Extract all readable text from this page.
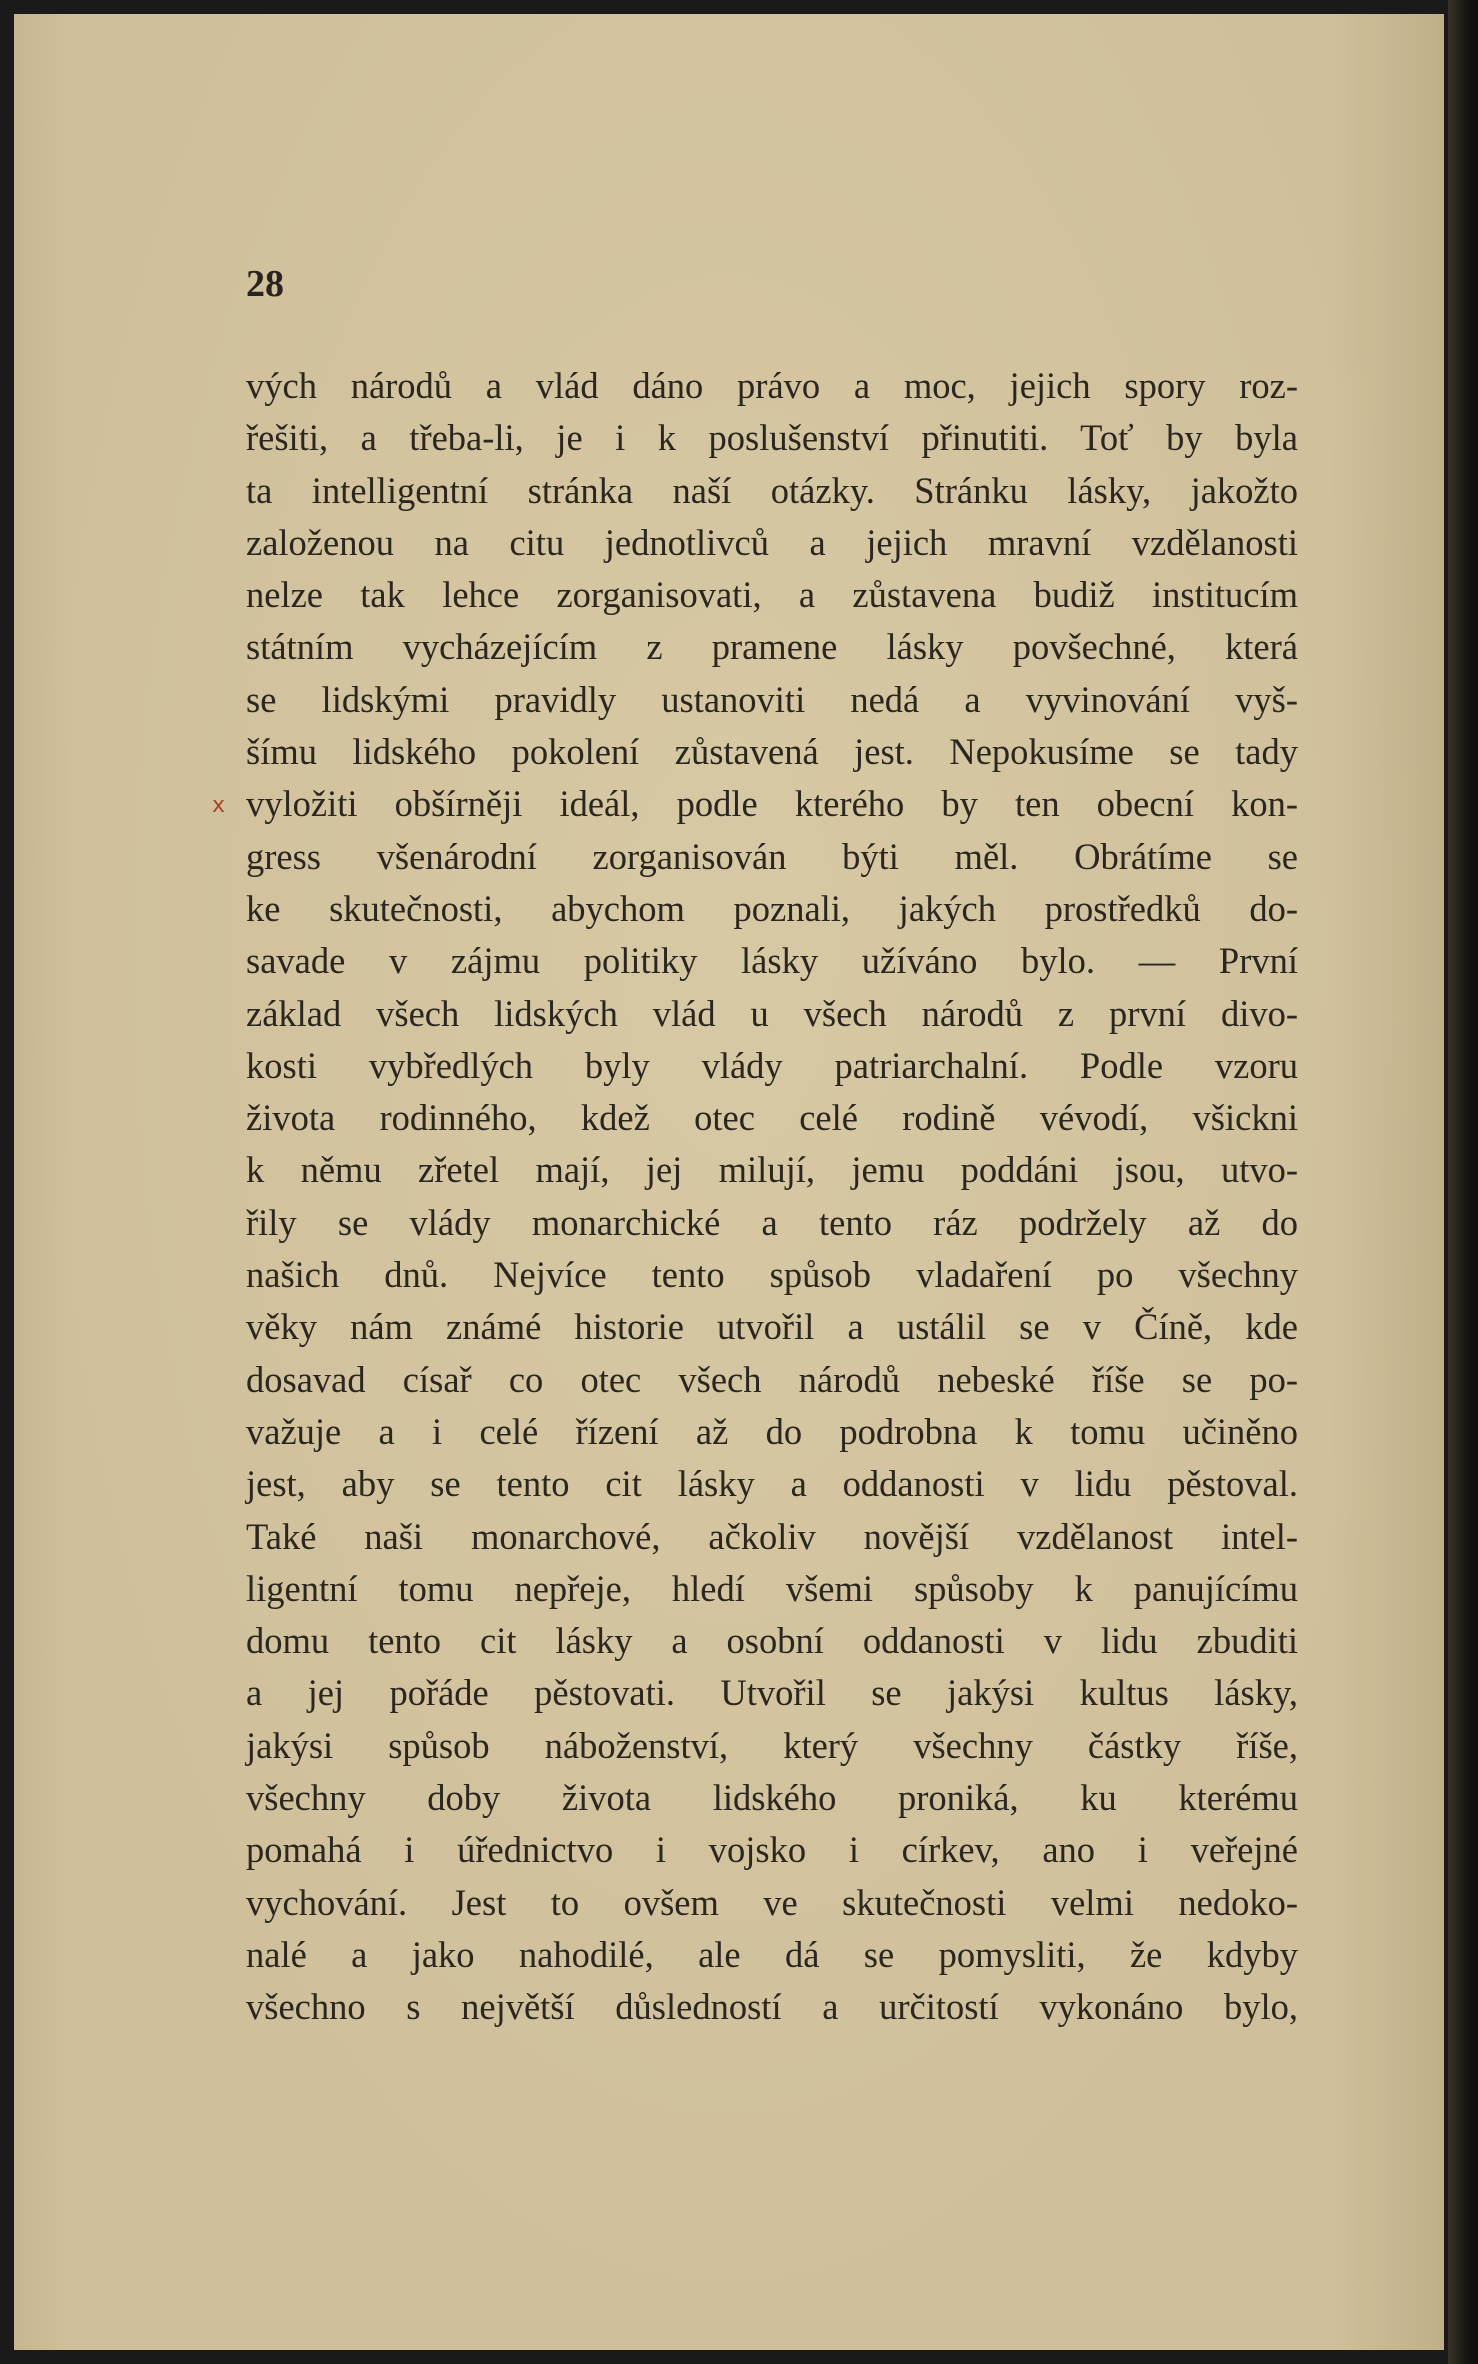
28
x
vých národů a vlád dáno právo a moc, jejich spory roz-
řešiti, a třeba-li, je i k poslušenství přinutiti. Toť by byla
ta intelligentní stránka naší otázky. Stránku lásky, jakožto
založenou na citu jednotlivců a jejich mravní vzdělanosti
nelze tak lehce zorganisovati, a zůstavena budiž institucím
státním vycházejícím z pramene lásky povšechné, která
se lidskými pravidly ustanoviti nedá a vyvinování vyš-
šímu lidského pokolení zůstavená jest. Nepokusíme se tady
vyložiti obšírněji ideál, podle kterého by ten obecní kon-
gress všenárodní zorganisován býti měl. Obrátíme se
ke skutečnosti, abychom poznali, jakých prostředků do-
savade v zájmu politiky lásky užíváno bylo. — První
základ všech lidských vlád u všech národů z první divo-
kosti vybředlých byly vlády patriarchalní. Podle vzoru
života rodinného, kdež otec celé rodině vévodí, všickni
k němu zřetel mají, jej milují, jemu poddáni jsou, utvo-
řily se vlády monarchické a tento ráz podržely až do
našich dnů. Nejvíce tento spůsob vladaření po všechny
věky nám známé historie utvořil a ustálil se v Číně, kde
dosavad císař co otec všech národů nebeské říše se po-
važuje a i celé řízení až do podrobna k tomu učiněno
jest, aby se tento cit lásky a oddanosti v lidu pěstoval.
Také naši monarchové, ačkoliv novější vzdělanost intel-
ligentní tomu nepřeje, hledí všemi spůsoby k panujícímu
domu tento cit lásky a osobní oddanosti v lidu zbuditi
a jej pořáde pěstovati. Utvořil se jakýsi kultus lásky,
jakýsi spůsob náboženství, který všechny částky říše,
všechny doby života lidského proniká, ku kterému
pomahá i úřednictvo i vojsko i církev, ano i veřejné
vychování. Jest to ovšem ve skutečnosti velmi nedoko-
nalé a jako nahodilé, ale dá se pomysliti, že kdyby
všechno s největší důsledností a určitostí vykonáno bylo,
